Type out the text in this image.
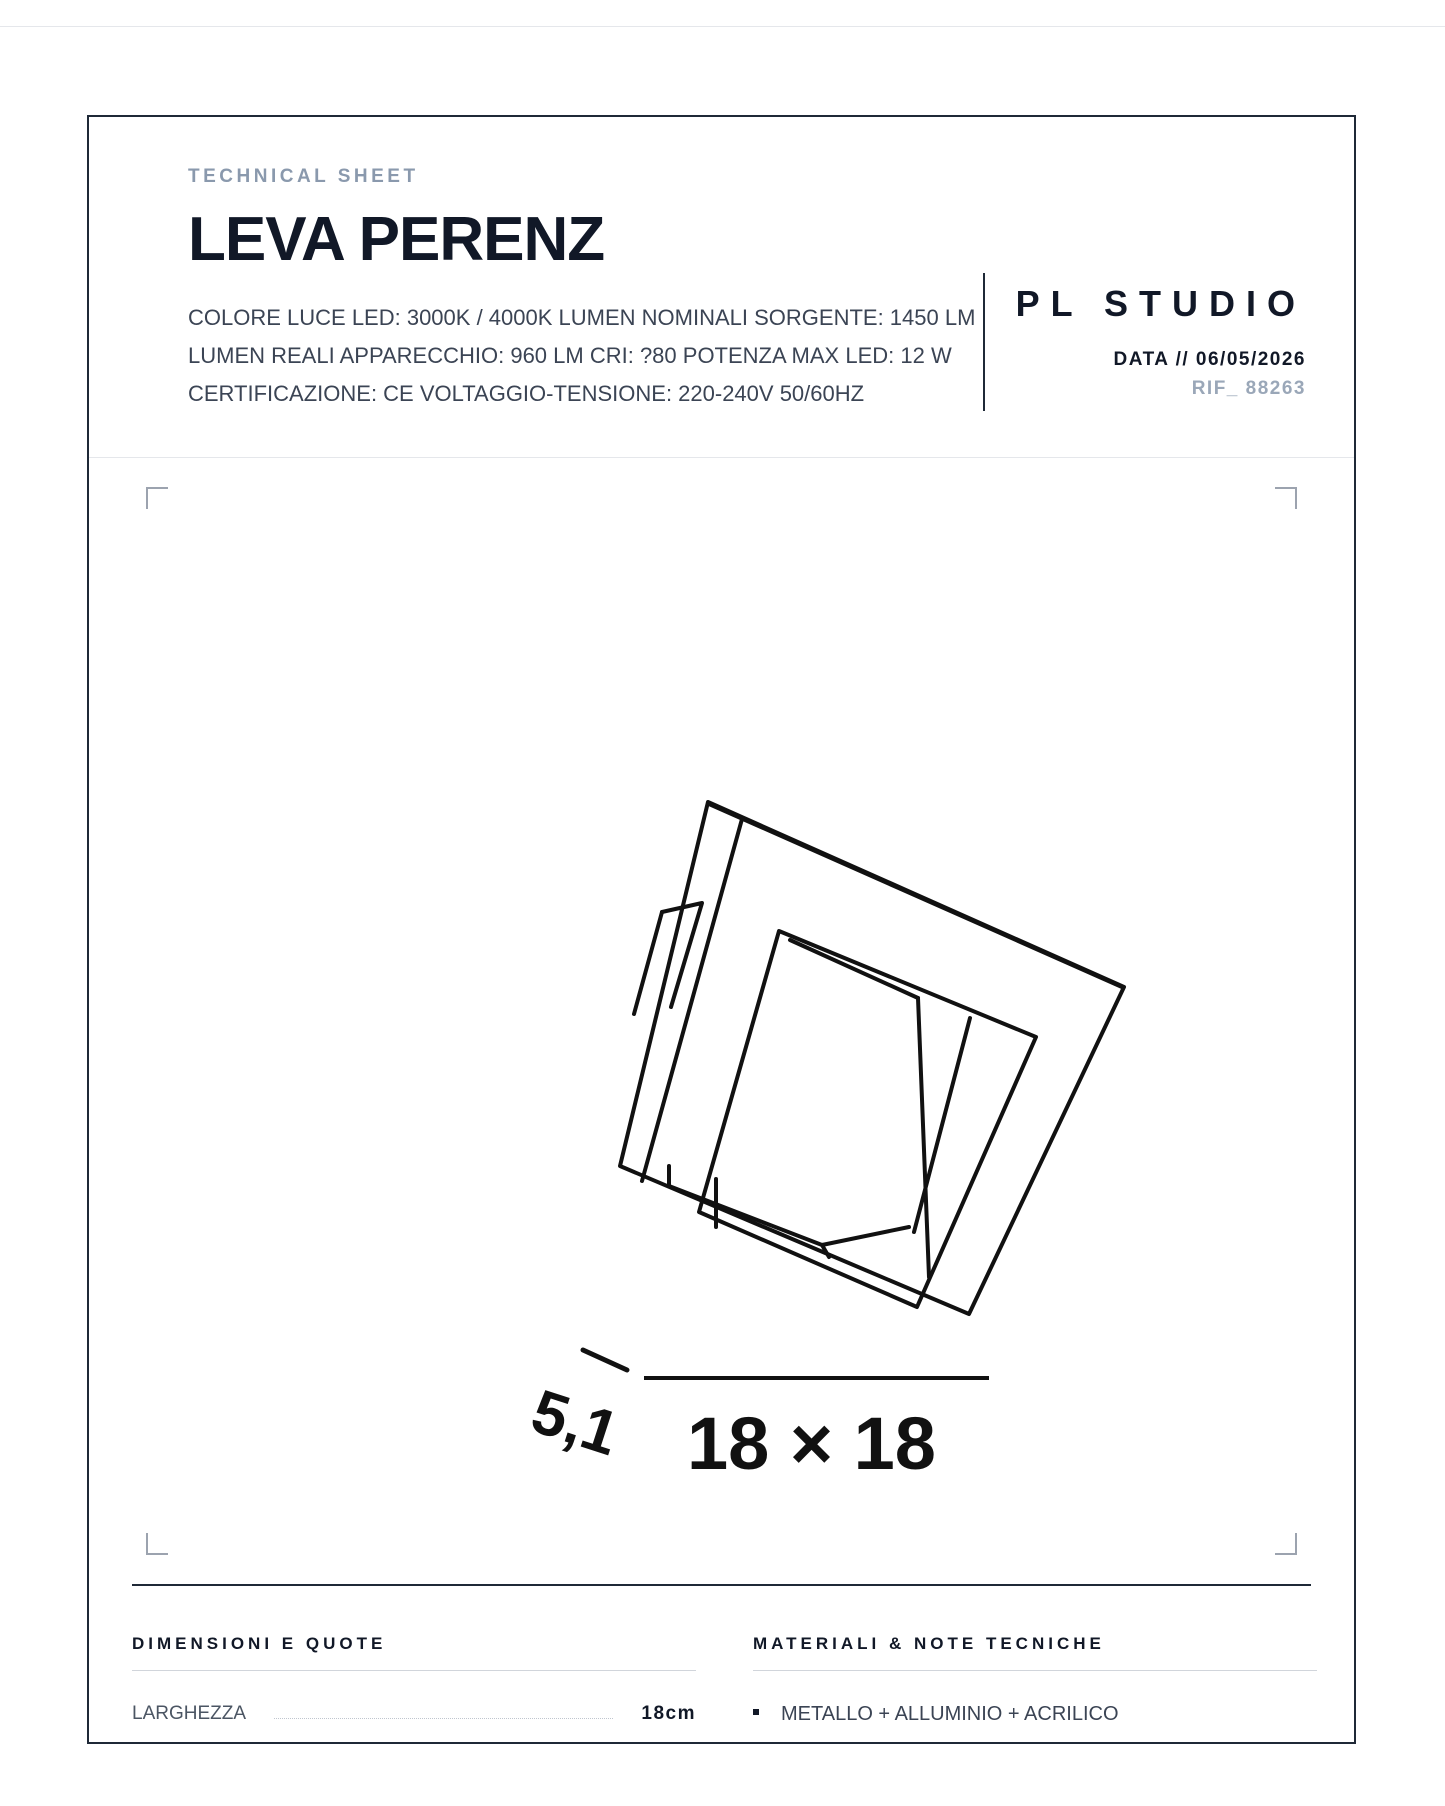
TECHNICAL SHEET
LEVA PERENZ
COLORE LUCE LED: 3000K / 4000K LUMEN NOMINALI SORGENTE: 1450 LM
LUMEN REALI APPARECCHIO: 960 LM CRI: ?80 POTENZA MAX LED: 12 W
CERTIFICAZIONE: CE VOLTAGGIO-TENSIONE: 220-240V 50/60HZ
PL STUDIO
DATA // 06/05/2026
RIF_ 88263
5,1 18 × 18
DIMENSIONI E QUOTE
LARGHEZZA	18cm
MATERIALI & NOTE TECNICHE
METALLO + ALLUMINIO + ACRILICO
